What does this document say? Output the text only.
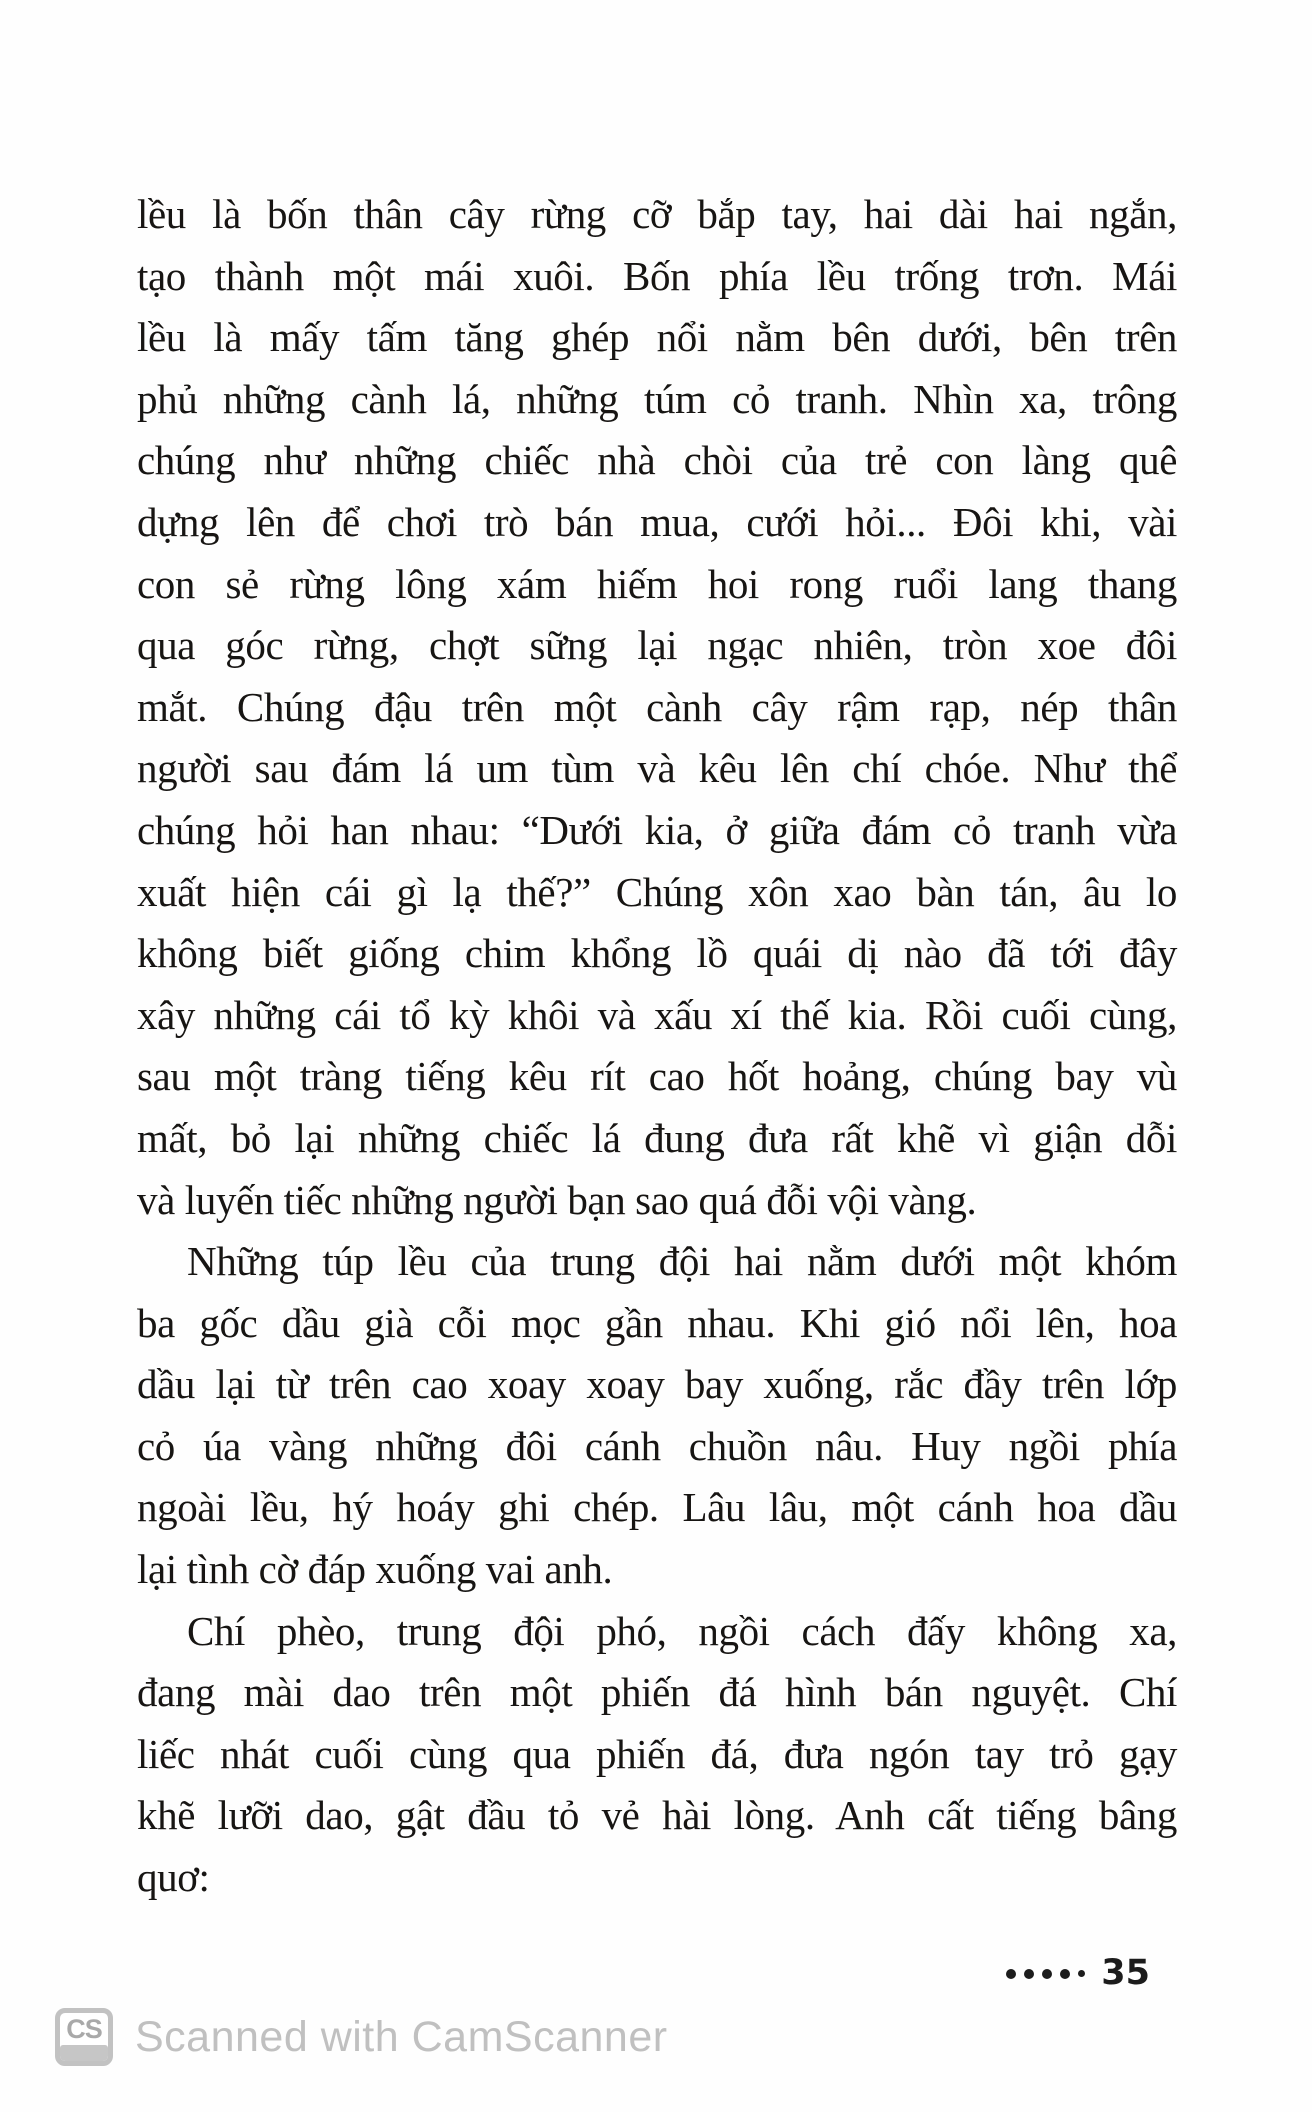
lều là bốn thân cây rừng cỡ bắp tay, hai dài hai ngắn,
tạo thành một mái xuôi. Bốn phía lều trống trơn. Mái
lều là mấy tấm tăng ghép nổi nằm bên dưới, bên trên
phủ những cành lá, những túm cỏ tranh. Nhìn xa, trông
chúng như những chiếc nhà chòi của trẻ con làng quê
dựng lên để chơi trò bán mua, cưới hỏi... Đôi khi, vài
con sẻ rừng lông xám hiếm hoi rong ruổi lang thang
qua góc rừng, chợt sững lại ngạc nhiên, tròn xoe đôi
mắt. Chúng đậu trên một cành cây rậm rạp, nép thân
người sau đám lá um tùm và kêu lên chí chóe. Như thể
chúng hỏi han nhau: “Dưới kia, ở giữa đám cỏ tranh vừa
xuất hiện cái gì lạ thế?” Chúng xôn xao bàn tán, âu lo
không biết giống chim khổng lồ quái dị nào đã tới đây
xây những cái tổ kỳ khôi và xấu xí thế kia. Rồi cuối cùng,
sau một tràng tiếng kêu rít cao hốt hoảng, chúng bay vù
mất, bỏ lại những chiếc lá đung đưa rất khẽ vì giận dỗi
và luyến tiếc những người bạn sao quá đỗi vội vàng.
Những túp lều của trung đội hai nằm dưới một khóm
ba gốc dầu già cỗi mọc gần nhau. Khi gió nổi lên, hoa
dầu lại từ trên cao xoay xoay bay xuống, rắc đầy trên lớp
cỏ úa vàng những đôi cánh chuồn nâu. Huy ngồi phía
ngoài lều, hý hoáy ghi chép. Lâu lâu, một cánh hoa dầu
lại tình cờ đáp xuống vai anh.
Chí phèo, trung đội phó, ngồi cách đấy không xa,
đang mài dao trên một phiến đá hình bán nguyệt. Chí
liếc nhát cuối cùng qua phiến đá, đưa ngón tay trỏ gạy
khẽ lưỡi dao, gật đầu tỏ vẻ hài lòng. Anh cất tiếng bâng
quơ:
35
CS Scanned with CamScanner
